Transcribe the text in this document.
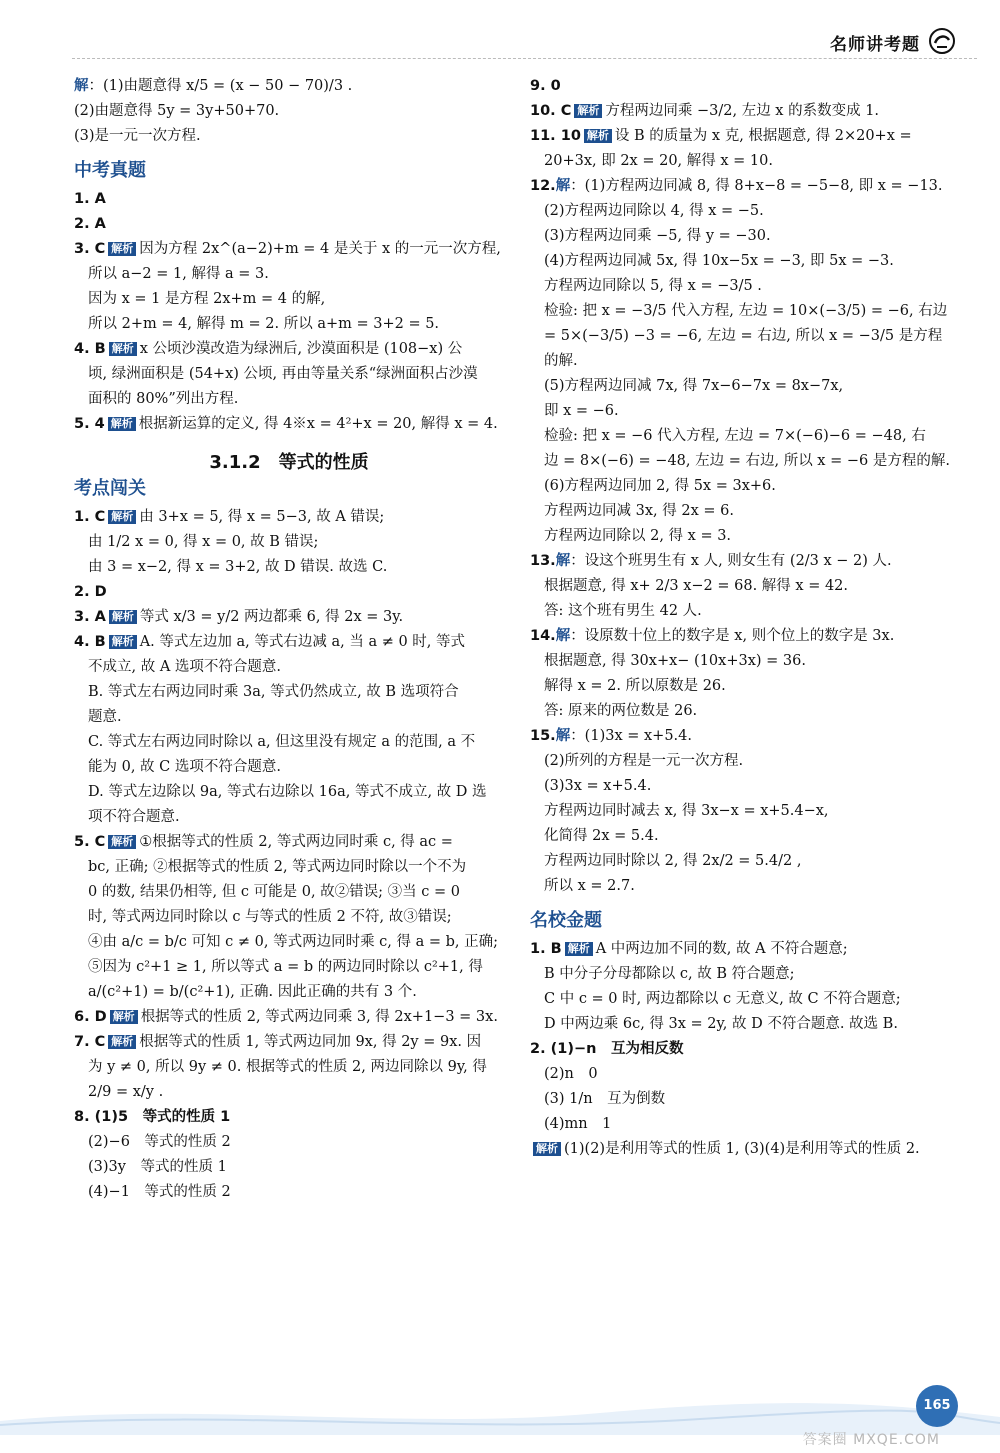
名师讲考题
解：(1)由题意得 x/5 = (x − 50 − 70)/3 .
(2)由题意得 5y = 3y+50+70.
(3)是一元一次方程.
中考真题
1. A
2. A
3. C 解析 因为方程 2x^(a−2)+m = 4 是关于 x 的一元一次方程,
所以 a−2 = 1, 解得 a = 3.
因为 x = 1 是方程 2x+m = 4 的解,
所以 2+m = 4, 解得 m = 2. 所以 a+m = 3+2 = 5.
4. B 解析 x 公顷沙漠改造为绿洲后, 沙漠面积是 (108−x) 公
顷, 绿洲面积是 (54+x) 公顷, 再由等量关系“绿洲面积占沙漠
面积的 80%”列出方程.
5. 4 解析 根据新运算的定义, 得 4※x = 4²+x = 20, 解得 x = 4.
3.1.2　等式的性质
考点闯关
1. C 解析 由 3+x = 5, 得 x = 5−3, 故 A 错误;
由 1/2 x = 0, 得 x = 0, 故 B 错误;
由 3 = x−2, 得 x = 3+2, 故 D 错误. 故选 C.
2. D
3. A 解析 等式 x/3 = y/2 两边都乘 6, 得 2x = 3y.
4. B 解析 A. 等式左边加 a, 等式右边减 a, 当 a ≠ 0 时, 等式
不成立, 故 A 选项不符合题意.
B. 等式左右两边同时乘 3a, 等式仍然成立, 故 B 选项符合
题意.
C. 等式左右两边同时除以 a, 但这里没有规定 a 的范围, a 不
能为 0, 故 C 选项不符合题意.
D. 等式左边除以 9a, 等式右边除以 16a, 等式不成立, 故 D 选
项不符合题意.
5. C 解析 ①根据等式的性质 2, 等式两边同时乘 c, 得 ac =
bc, 正确; ②根据等式的性质 2, 等式两边同时除以一个不为
0 的数, 结果仍相等, 但 c 可能是 0, 故②错误; ③当 c = 0
时, 等式两边同时除以 c 与等式的性质 2 不符, 故③错误;
④由 a/c = b/c 可知 c ≠ 0, 等式两边同时乘 c, 得 a = b, 正确;
⑤因为 c²+1 ≥ 1, 所以等式 a = b 的两边同时除以 c²+1, 得
a/(c²+1) = b/(c²+1), 正确. 因此正确的共有 3 个.
6. D 解析 根据等式的性质 2, 等式两边同乘 3, 得 2x+1−3 = 3x.
7. C 解析 根据等式的性质 1, 等式两边同加 9x, 得 2y = 9x. 因
为 y ≠ 0, 所以 9y ≠ 0. 根据等式的性质 2, 两边同除以 9y, 得
2/9 = x/y .
8. (1)5　等式的性质 1
(2)−6　等式的性质 2
(3)3y　等式的性质 1
(4)−1　等式的性质 2
9. 0
10. C 解析 方程两边同乘 −3/2, 左边 x 的系数变成 1.
11. 10 解析 设 B 的质量为 x 克, 根据题意, 得 2×20+x =
20+3x, 即 2x = 20, 解得 x = 10.
12.解：(1)方程两边同减 8, 得 8+x−8 = −5−8, 即 x = −13.
(2)方程两边同除以 4, 得 x = −5.
(3)方程两边同乘 −5, 得 y = −30.
(4)方程两边同减 5x, 得 10x−5x = −3, 即 5x = −3.
方程两边同除以 5, 得 x = −3/5 .
检验: 把 x = −3/5 代入方程, 左边 = 10×(−3/5) = −6, 右边
= 5×(−3/5) −3 = −6, 左边 = 右边, 所以 x = −3/5 是方程
的解.
(5)方程两边同减 7x, 得 7x−6−7x = 8x−7x,
即 x = −6.
检验: 把 x = −6 代入方程, 左边 = 7×(−6)−6 = −48, 右
边 = 8×(−6) = −48, 左边 = 右边, 所以 x = −6 是方程的解.
(6)方程两边同加 2, 得 5x = 3x+6.
方程两边同减 3x, 得 2x = 6.
方程两边同除以 2, 得 x = 3.
13.解：设这个班男生有 x 人, 则女生有 (2/3 x − 2) 人.
根据题意, 得 x+ 2/3 x−2 = 68. 解得 x = 42.
答: 这个班有男生 42 人.
14.解：设原数十位上的数字是 x, 则个位上的数字是 3x.
根据题意, 得 30x+x− (10x+3x) = 36.
解得 x = 2. 所以原数是 26.
答: 原来的两位数是 26.
15.解：(1)3x = x+5.4.
(2)所列的方程是一元一次方程.
(3)3x = x+5.4.
方程两边同时减去 x, 得 3x−x = x+5.4−x,
化简得 2x = 5.4.
方程两边同时除以 2, 得 2x/2 = 5.4/2 ,
所以 x = 2.7.
名校金题
1. B 解析 A 中两边加不同的数, 故 A 不符合题意;
B 中分子分母都除以 c, 故 B 符合题意;
C 中 c = 0 时, 两边都除以 c 无意义, 故 C 不符合题意;
D 中两边乘 6c, 得 3x = 2y, 故 D 不符合题意. 故选 B.
2. (1)−n　互为相反数
(2)n　0
(3) 1/n　互为倒数
(4)mn　1
解析 (1)(2)是利用等式的性质 1, (3)(4)是利用等式的性质 2.
165
答案圈 MXQE.COM
